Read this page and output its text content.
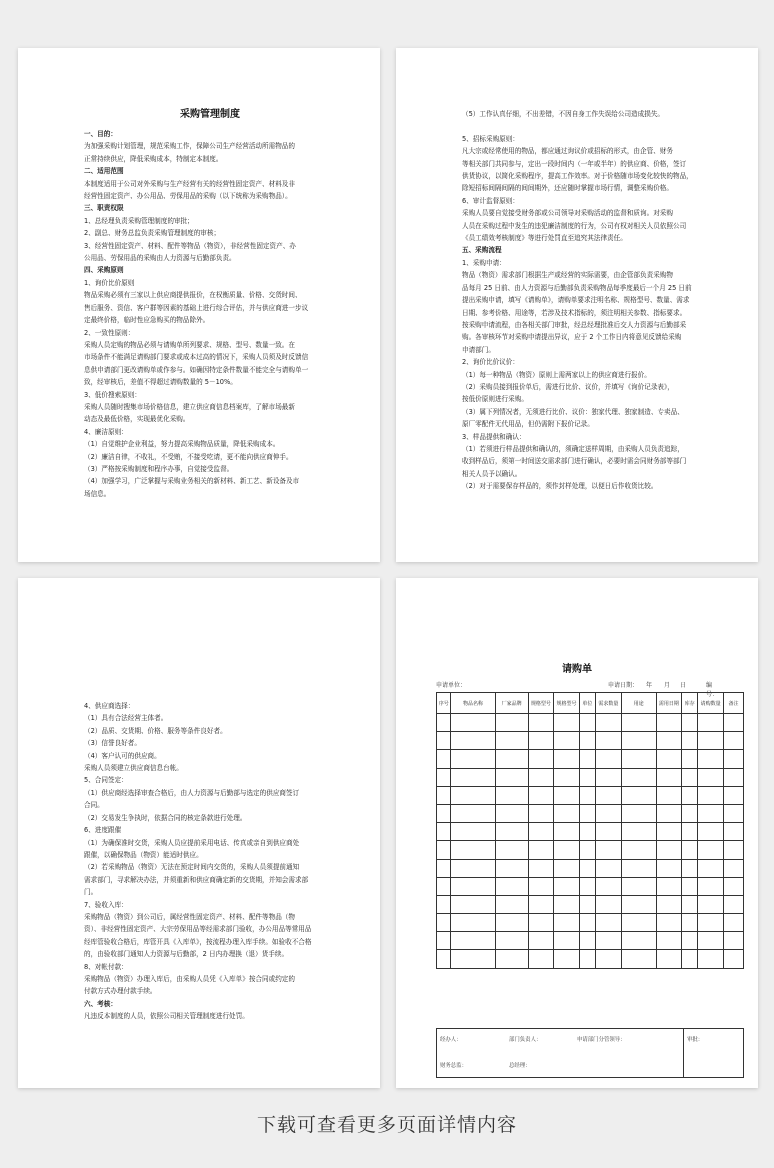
采购管理制度
一、目的：
为加强采购计划管理，规范采购工作，保障公司生产经营活动所需物品的
正常持续供应，降低采购成本，特制定本制度。
二、适用范围
本制度适用于公司对外采购与生产经营有关的经营性固定资产、材料及非
经营性固定资产、办公用品、劳保用品的采购（以下统称为采购物品）。
三、职责权限
1、总经理负责采购管理制度的审批；
2、副总、财务总监负责采购管理制度的审核；
3、经营性固定资产、材料、配件等物品（物资），非经营性固定资产、办
公用品、劳保用品的采购由人力资源与后勤部负责。
四、采购原则
1、询价比价原则
物品采购必须有三家以上供应商提供报价，在权衡质量、价格、交货时间、
售后服务、资信、客户群等因素的基础上进行综合评估，并与供应商进一步议
定最终价格，临时性应急购买的物品除外。
2、一致性原则：
采购人员定购的物品必须与请购单所列要求、规格、型号、数量一致。在
市场条件不能满足请购部门要求或成本过高的情况下，采购人员须及时反馈信
息供申请部门更改请购单或作参与。如确因特定条件数量不能完全与请购单一
致，经审核后，差值不得超过请购数量的 5－10%。
3、低价搜索原则：
采购人员随时搜集市场价格信息，建立供应商信息档案库，了解市场最新
动态及最低价格，实现最优化采购。
4、廉洁原则：
（1）自觉维护企业利益，努力提高采购物品质量，降低采购成本。
（2）廉洁自律，不收礼，不受贿，不接受吃请，更不能向供应商伸手。
（3）严格按采购制度和程序办事，自觉接受监督。
（4）加强学习，广泛掌握与采购业务相关的新材料、新工艺、新设备及市
场信息。
（5）工作认真仔细，不出差错，不因自身工作失误给公司造成损失。

5、招标采购原则：
凡大宗或经常使用的物品，都应通过询议价或招标的形式，由企管、财务
等相关部门共同参与，定出一段时间内（一年或半年）的供应商、价格，签订
供货协议，以简化采购程序，提高工作效率。对于价格随市场变化较快的物品，
除短招标间隔间隔的间间期外，还应随时掌握市场行情，调整采购价格。
6、审计监督原则：
采购人员要自觉接受财务部或公司领导对采购活动的监督和质询。对采购
人员在采购过程中发生的违犯廉洁制度的行为，公司有权对相关人员依照公司
《员工绩效考核制度》等进行处罚直至追究其法律责任。
五、采购流程
1、采购申请：
物品（物资）需求部门根据生产或经营的实际需要，由企管部负责采购物
品每月 25 日前、由人力资源与后勤部负责采购物品每季度最后一个月 25 日前
提出采购申请，填写《请购单》，请购单要求注明名称、规格型号、数量、需求
日期、参考价格、用途等，若涉及技术指标的，须注明相关参数、指标要求。
按采购申请流程，由各相关部门审批，经总经理批准后交人力资源与后勤部采
购。各审核环节对采购申请提出异议，应于 2 个工作日内将意见反馈给采购
申请部门。
2、询价比价议价：
（1）每一种物品（物资）原则上需两家以上的供应商进行报价。
（2）采购员接到报价单后，需进行比价、议价，并填写《询价记录表》，
按低价原则进行采购。
（3）属下列情况者，无须进行比价、议价：独家代理、独家制造、专卖品、
原厂零配件无代用品，但仍需附下报价记录。
3、样品提供和确认：
（1）若须进行样品提供和确认的，须确定送样周期，由采购人员负责追踪，
收到样品后，须第一时间送交需求部门进行确认，必要时需会同财务部等部门
相关人员予以确认。
（2）对于需要保存样品的，须作封样处理，以便日后作收货比较。

4、供应商选择：
（1）具有合法经营主体者。
（2）品质、交货期、价格、服务等条件良好者。
（3）信誉良好者。
（4）客户认可的供应商。
采购人员须建立供应商信息台帐。
5、合同签定：
（1）供应商经选择审查合格后，由人力资源与后勤部与选定的供应商签订
合同。
（2）交易发生争执时，依据合同的核定条款进行处理。
6、进度跟催
（1）为确保准时交货，采购人员应提前采用电话、传真或亲自到供应商处
跟催，以确保物品（物资）能适时供应。
（2）若采购物品（物资）无法在预定时间内交货的，采购人员须提前通知
需求部门，寻求解决办法，并须重新和供应商确定新的交货期，并知会需求部
门。
7、验收入库：
采购物品（物资）到公司后，属经营性固定资产、材料、配件等物品（物
资）、非经营性固定资产、大宗劳保用品等经需求部门验收，办公用品等常用品
经库管验收合格后，库管开具《入库单》，按流程办理入库手续。如验收不合格
的，由验收部门通知人力资源与后勤部，2 日内办理换（退）货手续。
8、对帐付款：
采购物品（物资）办理入库后，由采购人员凭《入库单》按合同或约定的
付款方式办理付款手续。
六、考核：
凡违反本制度的人员，依照公司相关管理制度进行处罚。
请购单
申请单位：	申请日期： 年 月 日	编号：
序号	物品名称	厂家品牌	规格型号	规格型号	单位	需求数量	用途	需用日期	库存	请购数量	备注

经办人：	部门负责人：	申请部门分管领导：	审批：
财务总监：	总经理：
下载可查看更多页面详情内容
